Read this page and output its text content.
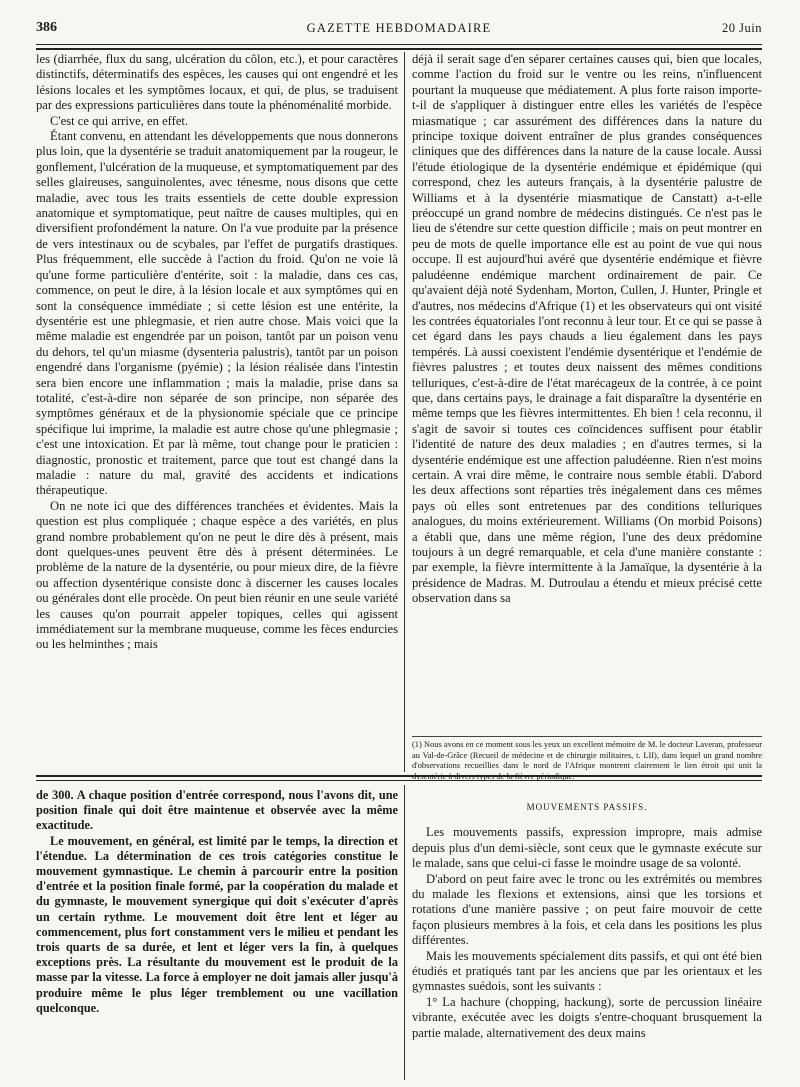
386	GAZETTE HEBDOMADAIRE	20 Juin

les (diarrhée, flux du sang, ulcération du côlon, etc.), et pour caractères distinctifs, déterminatifs des espèces, les causes qui ont engendré et les lésions locales et les symptômes locaux, et qui, de plus, se traduisent par des expressions particulières dans toute la phénoménalité morbide.

C'est ce qui arrive, en effet.

Étant convenu, en attendant les développements que nous donnerons plus loin, que la dysentérie se traduit anatomiquement par la rougeur, le gonflement, l'ulcération de la muqueuse, et symptomatiquement par des selles glaireuses, sanguinolentes, avec ténesme, nous disons que cette maladie, avec tous les traits essentiels de cette double expression anatomique et symptomatique, peut naître de causes multiples, qui en diversifient profondément la nature. On l'a vue produite par la présence de vers intestinaux ou de scybales, par l'effet de purgatifs drastiques. Plus fréquemment, elle succède à l'action du froid. Qu'on ne voie là qu'une forme particulière d'entérite, soit : la maladie, dans ces cas, commence, on peut le dire, à la lésion locale et aux symptômes qui en sont la conséquence immédiate ; si cette lésion est une entérite, la dysentérie est une phlegmasie, et rien autre chose. Mais voici que la même maladie est engendrée par un poison, tantôt par un poison venu du dehors, tel qu'un miasme (dysenteria palustris), tantôt par un poison engendré dans l'organisme (pyémie) ; la lésion réalisée dans l'intestin sera bien encore une inflammation ; mais la maladie, prise dans sa totalité, c'est-à-dire non séparée de son principe, non séparée des symptômes généraux et de la physionomie spéciale que ce principe spécifique lui imprime, la maladie est autre chose qu'une phlegmasie ; c'est une intoxication. Et par là même, tout change pour le praticien : diagnostic, pronostic et traitement, parce que tout est changé dans la maladie : nature du mal, gravité des accidents et indications thérapeutique.

On ne note ici que des différences tranchées et évidentes. Mais la question est plus compliquée ; chaque espèce a des variétés, en plus grand nombre probablement qu'on ne peut le dire dès à présent, mais dont quelques-unes peuvent être dès à présent déterminées. Le problème de la nature de la dysentérie, ou pour mieux dire, de la fièvre ou affection dysentérique consiste donc à discerner les causes locales ou générales dont elle procède. On peut bien réunir en une seule variété les causes qu'on pourrait appeler topiques, celles qui agissent immédiatement sur la membrane muqueuse, comme les fèces endurcies ou les helminthes ; mais

déjà il serait sage d'en séparer certaines causes qui, bien que locales, comme l'action du froid sur le ventre ou les reins, n'influencent pourtant la muqueuse que médiatement. A plus forte raison importe-t-il de s'appliquer à distinguer entre elles les variétés de l'espèce miasmatique ; car assurément des différences dans la nature du principe toxique doivent entraîner de plus grandes conséquences cliniques que des différences dans la nature de la cause locale. Aussi l'étude étiologique de la dysentérie endémique et épidémique (qui correspond, chez les auteurs français, à la dysentérie palustre de Williams et à la dysentérie miasmatique de Canstatt) a-t-elle préoccupé un grand nombre de médecins distingués. Ce n'est pas le lieu de s'étendre sur cette question difficile ; mais on peut montrer en peu de mots de quelle importance elle est au point de vue qui nous occupe. Il est aujourd'hui avéré que dysentérie endémique et fièvre paludéenne endémique marchent ordinairement de pair. Ce qu'avaient déjà noté Sydenham, Morton, Cullen, J. Hunter, Pringle et d'autres, nos médecins d'Afrique (1) et les observateurs qui ont visité les contrées équatoriales l'ont reconnu à leur tour. Et ce qui se passe à cet égard dans les pays chauds a lieu également dans les pays tempérés. Là aussi coexistent l'endémie dysentérique et l'endémie de fièvres palustres ; et toutes deux naissent des mêmes conditions telluriques, c'est-à-dire de l'état marécageux de la contrée, à ce point que, dans certains pays, le drainage a fait disparaître la dysentérie en même temps que les fièvres intermittentes. Eh bien ! cela reconnu, il s'agit de savoir si toutes ces coïncidences suffisent pour établir l'identité de nature des deux maladies ; en d'autres termes, si la dysentérie endémique est une affection paludéenne. Rien n'est moins certain. A vrai dire même, le contraire nous semble établi. D'abord les deux affections sont réparties très inégalement dans ces mêmes pays où elles sont entretenues par des conditions telluriques analogues, du moins extérieurement. Williams (On morbid Poisons) a établi que, dans une même région, l'une des deux prédomine toujours à un degré remarquable, et cela d'une manière constante : par exemple, la fièvre intermittente à la Jamaïque, la dysentérie à la présidence de Madras. M. Dutroulau a étendu et mieux précisé cette observation dans sa

(1) Nous avons en ce moment sous les yeux un excellent mémoire de M. le docteur Laveran, professeur au Val-de-Grâce (Recueil de médecine et de chirurgie militaires, t. LII), dans lequel un grand nombre d'observations recueillies dans le nord de l'Afrique montrent clairement le lien étroit qui unit la dysentérie à divers types de la fièvre périodique.

de 300. A chaque position d'entrée correspond, nous l'avons dit, une position finale qui doit être maintenue et observée avec la même exactitude.

Le mouvement, en général, est limité par le temps, la direction et l'étendue. La détermination de ces trois catégories constitue le mouvement gymnastique. Le chemin à parcourir entre la position d'entrée et la position finale formé, par la coopération du malade et du gymnaste, le mouvement synergique qui doit s'exécuter d'après un certain rythme. Le mouvement doit être lent et léger au commencement, plus fort constamment vers le milieu et pendant les trois quarts de sa durée, et lent et léger vers la fin, à quelques exceptions près. La résultante du mouvement est le produit de la masse par la vitesse. La force à employer ne doit jamais aller jusqu'à produire même le plus léger tremblement ou une vacillation quelconque.

MOUVEMENTS PASSIFS.

Les mouvements passifs, expression impropre, mais admise depuis plus d'un demi-siècle, sont ceux que le gymnaste exécute sur le malade, sans que celui-ci fasse le moindre usage de sa volonté.

D'abord on peut faire avec le tronc ou les extrémités ou membres du malade les flexions et extensions, ainsi que les torsions et rotations d'une manière passive ; on peut faire mouvoir de cette façon plusieurs membres à la fois, et cela dans les positions les plus différentes.

Mais les mouvements spécialement dits passifs, et qui ont été bien étudiés et pratiqués tant par les anciens que par les orientaux et les gymnastes suédois, sont les suivants :

1° La hachure (chopping, hackung), sorte de percussion linéaire vibrante, exécutée avec les doigts s'entre-choquant brusquement la partie malade, alternativement des deux mains
